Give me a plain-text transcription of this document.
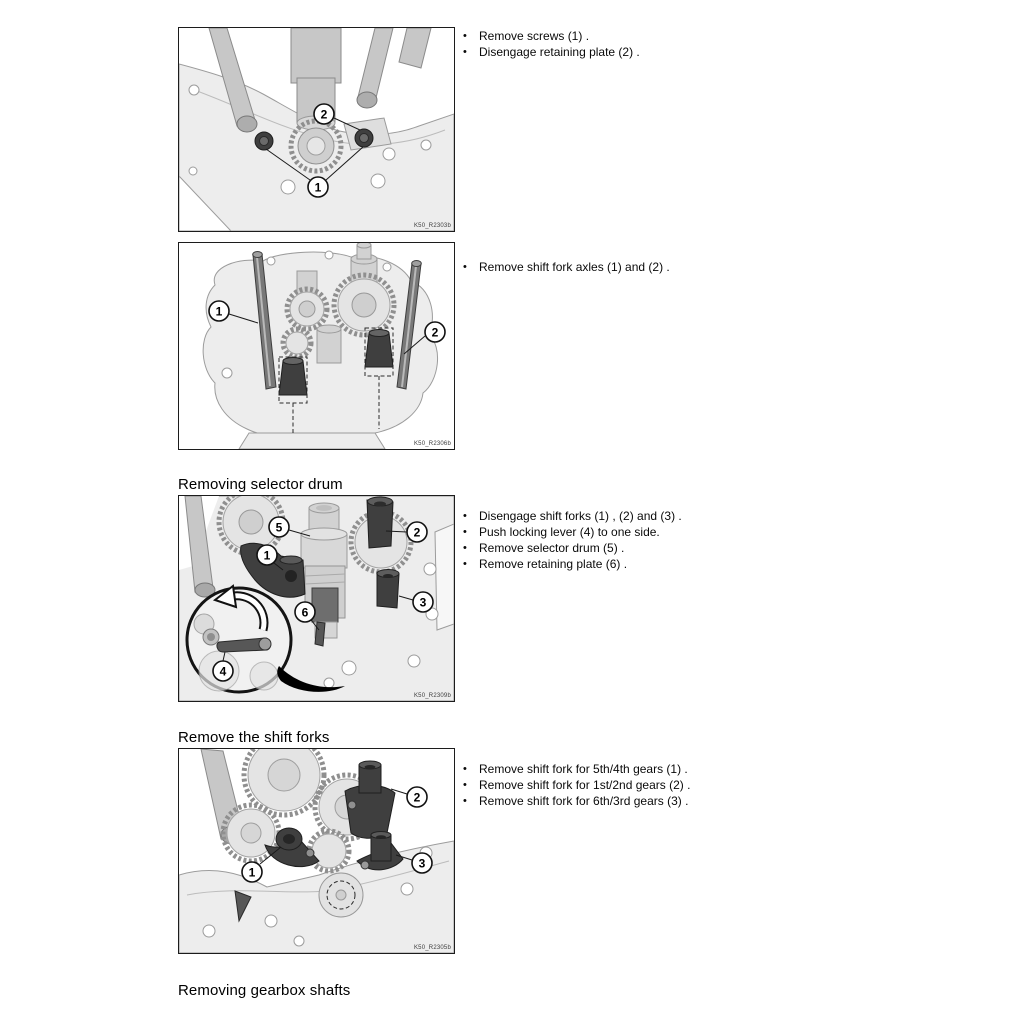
2
1
K50_R2303b
• Remove screws (1) .
• Disengage retaining plate (2) .
1
2
K50_R2306b
• Remove shift fork axles (1) and (2) .
Removing selector drum
5	2
1
3
6
4
K50_R2309b
• Disengage shift forks (1) , (2) and (3) .
• Push locking lever (4) to one side.
• Remove selector drum (5) .
• Remove retaining plate (6) .
Remove the shift forks
2
1
3
K50_R2305b
• Remove shift fork for 5th/4th gears (1) .
• Remove shift fork for 1st/2nd gears (2) .
• Remove shift fork for 6th/3rd gears (3) .
Removing gearbox shafts
